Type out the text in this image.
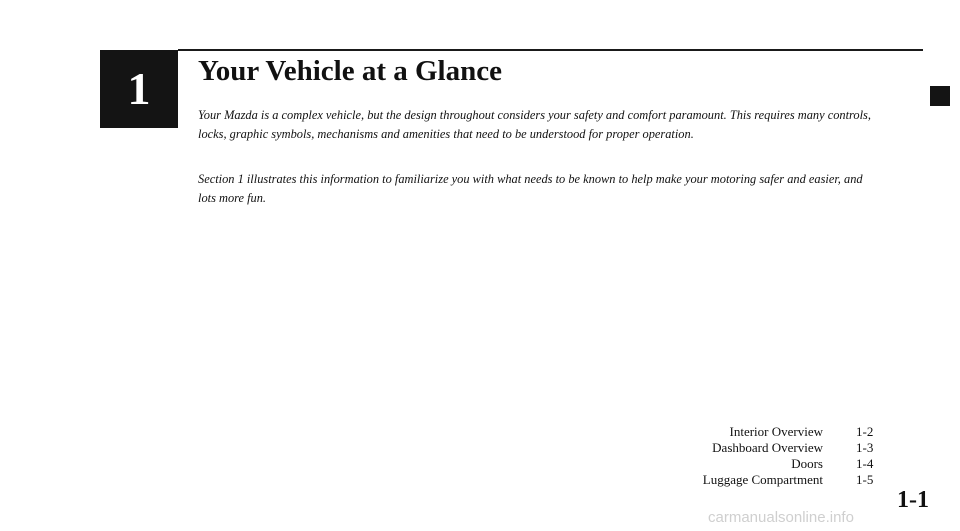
1 Your Vehicle at a Glance

Your Mazda is a complex vehicle, but the design throughout considers your safety and comfort paramount. This requires many controls, locks, graphic symbols, mechanisms and amenities that need to be understood for proper operation.

Section 1 illustrates this information to familiarize you with what needs to be known to help make your motoring safer and easier, and lots more fun.

Interior Overview	1-2
Dashboard Overview	1-3
Doors	1-4
Luggage Compartment	1-5
1-1
carmanualsonline.info
